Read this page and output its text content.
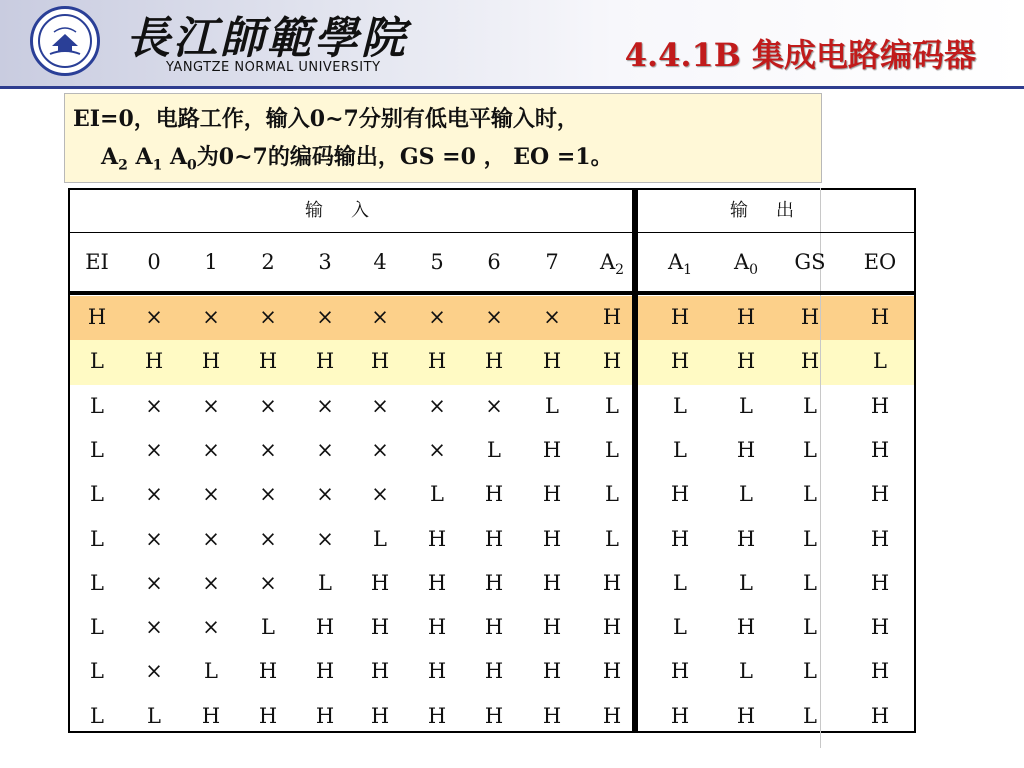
長江師範學院
YANGTZE NORMAL UNIVERSITY	4.4.1B 集成电路编码器
EI=0，电路工作，输入0~7分别有低电平输入时，
$A_2$ $A_1$ $A_0$为0~7的编码输出，GS =0 ， EO =1。
输入	输出
EI	0	1	2	3	4	5	6	7	$A_2$	$A_1$	$A_0$	GS	EO
H	×	×	×	×	×	×	×	×	H	H	H	H	H
L	H	H	H	H	H	H	H	H	H	H	H	H	L
L	×	×	×	×	×	×	×	L	L	L	L	L	H
L	×	×	×	×	×	×	L	H	L	L	H	L	H
L	×	×	×	×	×	L	H	H	L	H	L	L	H
L	×	×	×	×	L	H	H	H	L	H	H	L	H
L	×	×	×	L	H	H	H	H	H	L	L	L	H
L	×	×	L	H	H	H	H	H	H	L	H	L	H
L	×	L	H	H	H	H	H	H	H	H	L	L	H
L	L	H	H	H	H	H	H	H	H	H	H	L	H
